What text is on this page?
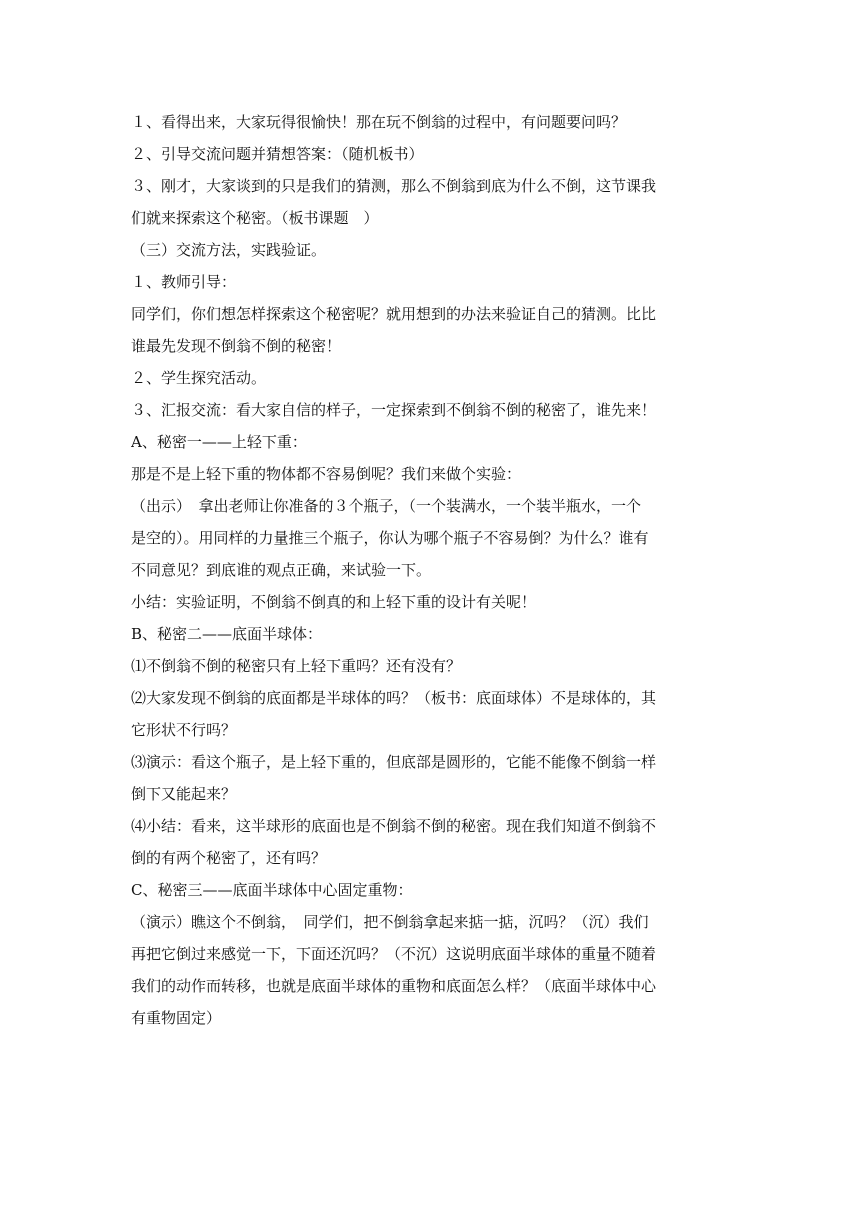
１、看得出来，大家玩得很愉快！那在玩不倒翁的过程中，有问题要问吗？

２、引导交流问题并猜想答案：（随机板书）

３、刚才，大家谈到的只是我们的猜测，那么不倒翁到底为什么不倒，这节课我

们就来探索这个秘密。（板书课题　）

（三）交流方法，实践验证。

１、教师引导：

同学们，你们想怎样探索这个秘密呢？就用想到的办法来验证自己的猜测。比比

谁最先发现不倒翁不倒的秘密！

２、学生探究活动。

３、汇报交流：看大家自信的样子，一定探索到不倒翁不倒的秘密了，谁先来！

A、秘密一——上轻下重：

那是不是上轻下重的物体都不容易倒呢？我们来做个实验：

（出示）　拿出老师让你准备的３个瓶子，（一个装满水，一个装半瓶水，一个

是空的）。用同样的力量推三个瓶子，你认为哪个瓶子不容易倒？为什么？谁有

不同意见？到底谁的观点正确，来试验一下。

小结：实验证明，不倒翁不倒真的和上轻下重的设计有关呢！

B、秘密二——底面半球体：

⑴不倒翁不倒的秘密只有上轻下重吗？还有没有？

⑵大家发现不倒翁的底面都是半球体的吗？（板书：底面球体）不是球体的，其

它形状不行吗？

⑶演示：看这个瓶子，是上轻下重的，但底部是圆形的，它能不能像不倒翁一样

倒下又能起来？

⑷小结：看来，这半球形的底面也是不倒翁不倒的秘密。现在我们知道不倒翁不

倒的有两个秘密了，还有吗？

C、秘密三——底面半球体中心固定重物：

（演示）瞧这个不倒翁，　同学们，把不倒翁拿起来掂一掂，沉吗？（沉）我们

再把它倒过来感觉一下，下面还沉吗？（不沉）这说明底面半球体的重量不随着

我们的动作而转移，也就是底面半球体的重物和底面怎么样？（底面半球体中心

有重物固定）
